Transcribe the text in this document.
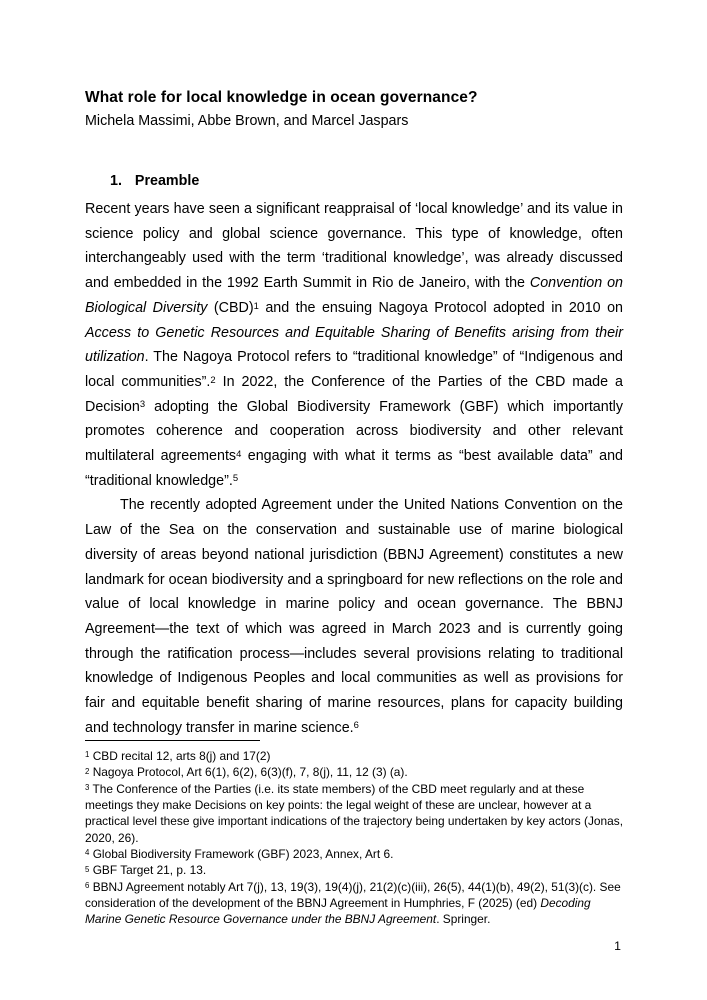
What role for local knowledge in ocean governance?

Michela Massimi, Abbe Brown, and Marcel Jaspars

1. Preamble

Recent years have seen a significant reappraisal of ‘local knowledge’ and its value in science policy and global science governance. This type of knowledge, often interchangeably used with the term ‘traditional knowledge’, was already discussed and embedded in the 1992 Earth Summit in Rio de Janeiro, with the Convention on Biological Diversity (CBD)$^1$ and the ensuing Nagoya Protocol adopted in 2010 on Access to Genetic Resources and Equitable Sharing of Benefits arising from their utilization. The Nagoya Protocol refers to “traditional knowledge” of “Indigenous and local communities”.$^2$ In 2022, the Conference of the Parties of the CBD made a Decision$^3$ adopting the Global Biodiversity Framework (GBF) which importantly promotes coherence and cooperation across biodiversity and other relevant multilateral agreements$^4$ engaging with what it terms as “best available data” and “traditional knowledge”.$^5$

The recently adopted Agreement under the United Nations Convention on the Law of the Sea on the conservation and sustainable use of marine biological diversity of areas beyond national jurisdiction (BBNJ Agreement) constitutes a new landmark for ocean biodiversity and a springboard for new reflections on the role and value of local knowledge in marine policy and ocean governance. The BBNJ Agreement—the text of which was agreed in March 2023 and is currently going through the ratification process—includes several provisions relating to traditional knowledge of Indigenous Peoples and local communities as well as provisions for fair and equitable benefit sharing of marine resources, plans for capacity building and technology transfer in marine science.$^6$

$^1$ CBD recital 12, arts 8(j) and 17(2)

$^2$ Nagoya Protocol, Art 6(1), 6(2), 6(3)(f), 7, 8(j), 11, 12 (3) (a).

$^3$ The Conference of the Parties (i.e. its state members) of the CBD meet regularly and at these meetings they make Decisions on key points: the legal weight of these are unclear, however at a practical level these give important indications of the trajectory being undertaken by key actors (Jonas, 2020, 26).

$^4$ Global Biodiversity Framework (GBF) 2023, Annex, Art 6.

$^5$ GBF Target 21, p. 13.

$^6$ BBNJ Agreement notably Art 7(j), 13, 19(3), 19(4)(j), 21(2)(c)(iii), 26(5), 44(1)(b), 49(2), 51(3)(c). See consideration of the development of the BBNJ Agreement in Humphries, F (2025) (ed) Decoding Marine Genetic Resource Governance under the BBNJ Agreement. Springer.

1
